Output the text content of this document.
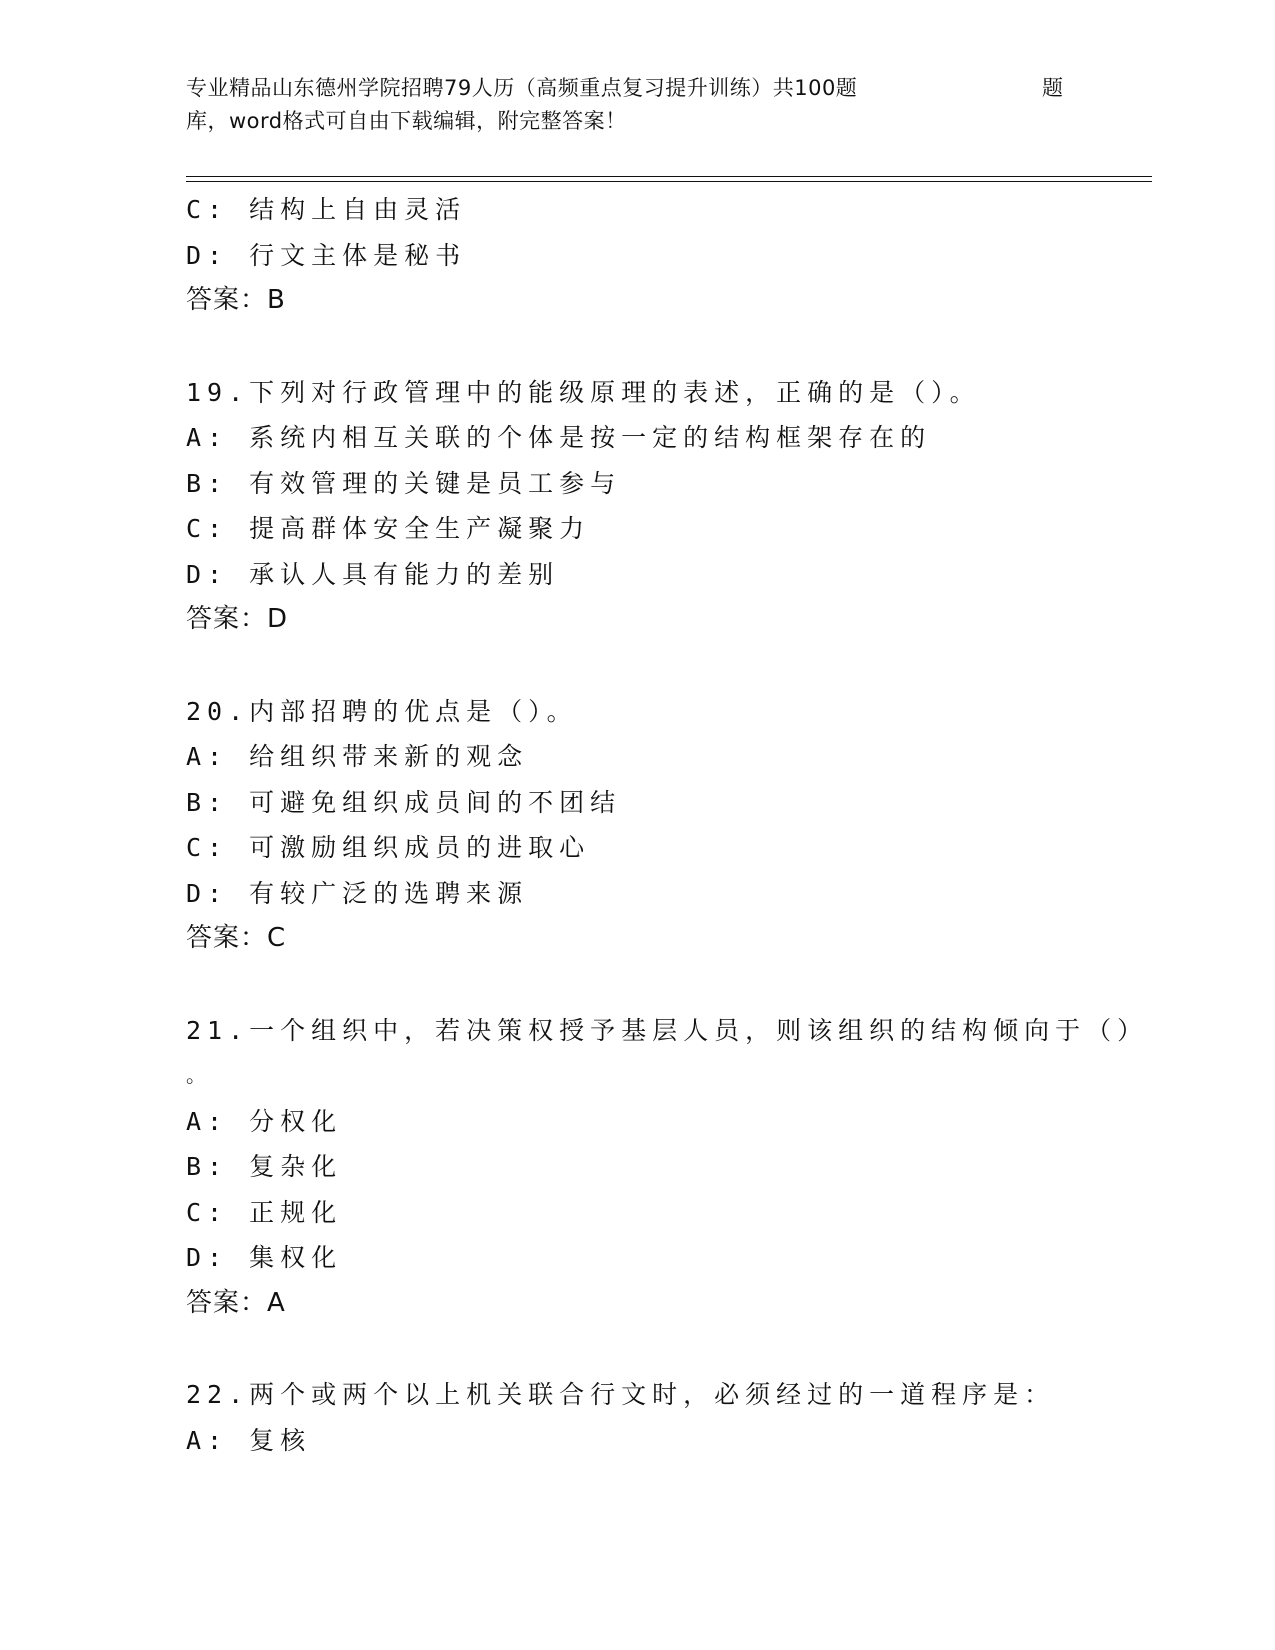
专业精品山东德州学院招聘79人历（高频重点复习提升训练）共100题
库，word格式可自由下载编辑，附完整答案！
题
C: 结构上自由灵活
D: 行文主体是秘书
答案：B
19.下列对行政管理中的能级原理的表述，正确的是（）。
A: 系统内相互关联的个体是按一定的结构框架存在的
B: 有效管理的关键是员工参与
C: 提高群体安全生产凝聚力
D: 承认人具有能力的差别
答案：D
20.内部招聘的优点是（）。
A: 给组织带来新的观念
B: 可避免组织成员间的不团结
C: 可激励组织成员的进取心
D: 有较广泛的选聘来源
答案：C
21.一个组织中，若决策权授予基层人员，则该组织的结构倾向于（）
。
A: 分权化
B: 复杂化
C: 正规化
D: 集权化
答案：A
22.两个或两个以上机关联合行文时，必须经过的一道程序是：
A: 复核
